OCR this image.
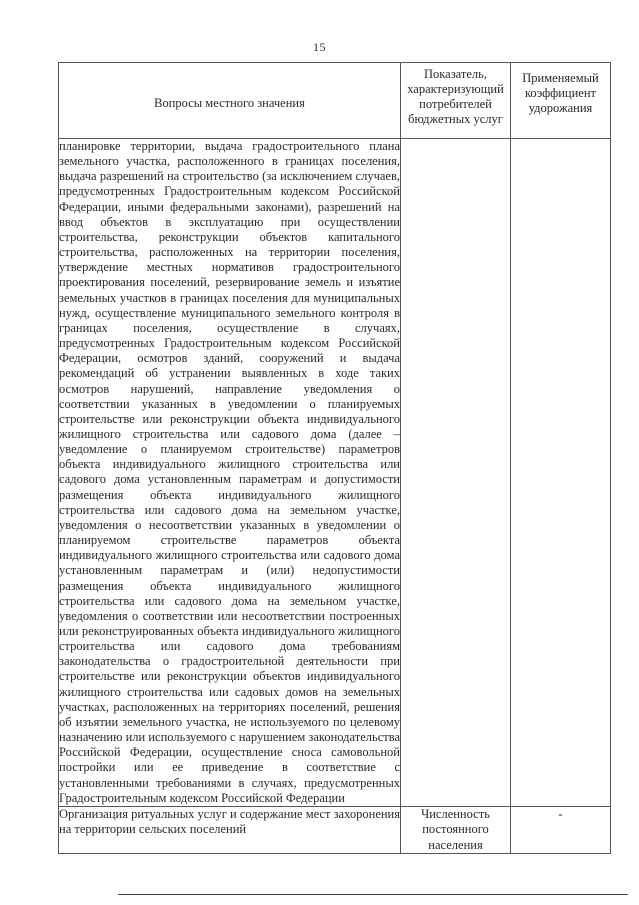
15
Вопросы местного значения	Показатель, характеризующий потребителей бюджетных услуг	Применяемый коэффициент удорожания
планировке территории, выдача градостроительного плана земельного участка, расположенного в границах поселения, выдача разрешений на строительство (за исключением случаев, предусмотренных Градостроительным кодексом Российской Федерации, иными федеральными законами), разрешений на ввод объектов в эксплуатацию при осуществлении строительства, реконструкции объектов капитального строительства, расположенных на территории поселения, утверждение местных нормативов градостроительного проектирования поселений, резервирование земель и изъятие земельных участков в границах поселения для муниципальных нужд, осуществление муниципального земельного контроля в границах поселения, осуществление в случаях, предусмотренных Градостроительным кодексом Российской Федерации, осмотров зданий, сооружений и выдача рекомендаций об устранении выявленных в ходе таких осмотров нарушений, направление уведомления о соответствии указанных в уведомлении о планируемых строительстве или реконструкции объекта индивидуального жилищного строительства или садового дома (далее – уведомление о планируемом строительстве) параметров объекта индивидуального жилищного строительства или садового дома установленным параметрам и допустимости размещения объекта индивидуального жилищного строительства или садового дома на земельном участке, уведомления о несоответствии указанных в уведомлении о планируемом строительстве параметров объекта индивидуального жилищного строительства или садового дома установленным параметрам и (или) недопустимости размещения объекта индивидуального жилищного строительства или садового дома на земельном участке, уведомления о соответствии или несоответствии построенных или реконструированных объекта индивидуального жилищного строительства или садового дома требованиям законодательства о градостроительной деятельности при строительстве или реконструкции объектов индивидуального жилищного строительства или садовых домов на земельных участках, расположенных на территориях поселений, решения об изъятии земельного участка, не используемого по целевому назначению или используемого с нарушением законодательства Российской Федерации, осуществление сноса самовольной постройки или ее приведение в соответствие с установленными требованиями в случаях, предусмотренных Градостроительным кодексом Российской Федерации		
Организация ритуальных услуг и содержание мест захоронения на территории сельских поселений	Численность постоянного населения	-
